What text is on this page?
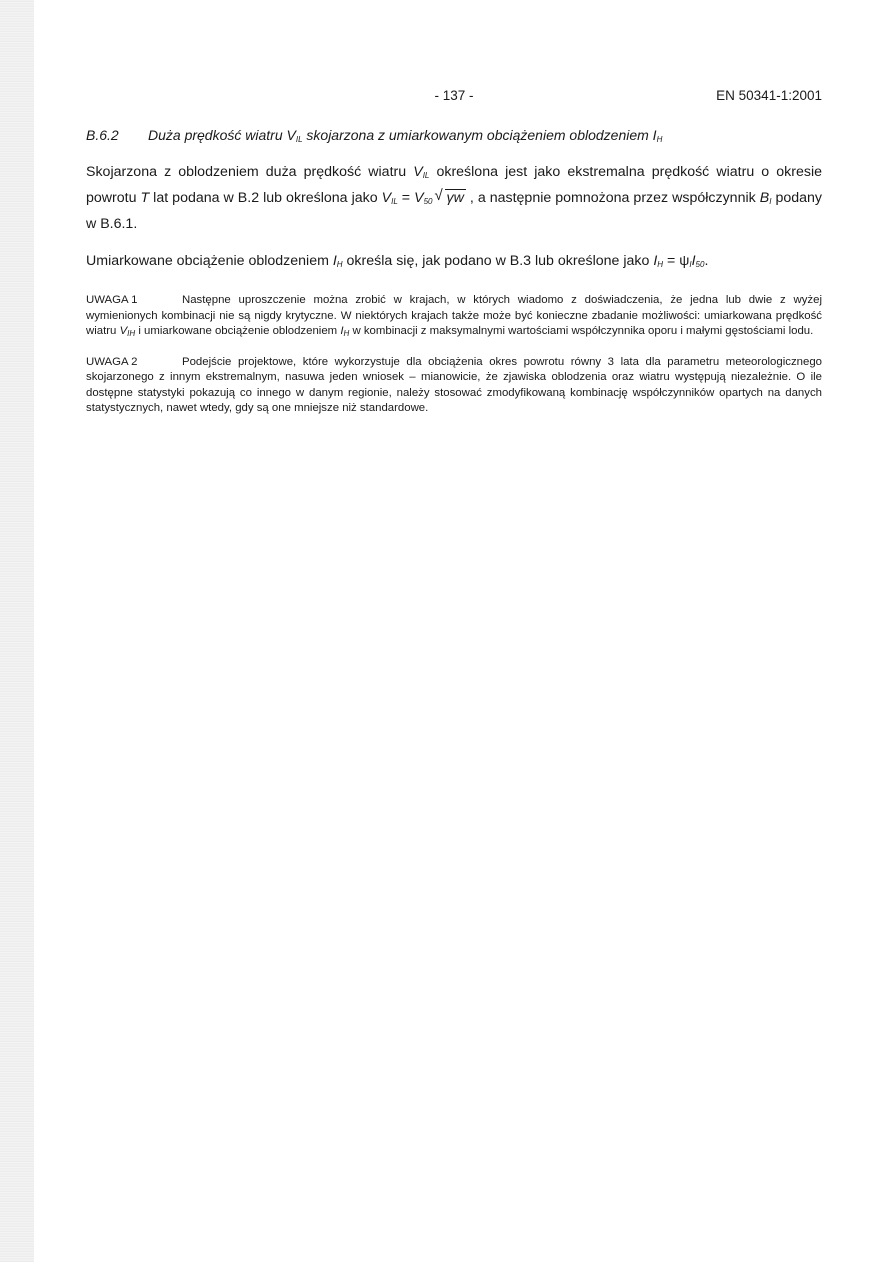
- 137 -	EN 50341-1:2001
B.6.2 Duża prędkość wiatru $V_{IL}$ skojarzona z umiarkowanym obciążeniem oblodzeniem $I_H$

Skojarzona z oblodzeniem duża prędkość wiatru $V_{IL}$ określona jest jako ekstremalna prędkość wiatru o okresie powrotu T lat podana w B.2 lub określona jako $V_{IL} = V_{50}$ √ γw , a następnie pomnożona przez współczynnik $B_I$ podany w B.6.1.

Umiarkowane obciążenie oblodzeniem $I_H$ określa się, jak podano w B.3 lub określone jako $I_H = \psi_II_{50}$.

UWAGA 1	Następne uproszczenie można zrobić w krajach, w których wiadomo z doświadczenia, że jedna lub dwie z wyżej wymienionych kombinacji nie są nigdy krytyczne. W niektórych krajach także może być konieczne zbadanie możliwości: umiarkowana prędkość wiatru $V_{IH}$ i umiarkowane obciążenie oblodzeniem $I_H$ w kombinacji z maksymalnymi wartościami współczynnika oporu i małymi gęstościami lodu.

UWAGA 2	Podejście projektowe, które wykorzystuje dla obciążenia okres powrotu równy 3 lata dla parametru meteorologicznego skojarzonego z innym ekstremalnym, nasuwa jeden wniosek – mianowicie, że zjawiska oblodzenia oraz wiatru występują niezależnie. O ile dostępne statystyki pokazują co innego w danym regionie, należy stosować zmodyfikowaną kombinację współczynników opartych na danych statystycznych, nawet wtedy, gdy są one mniejsze niż standardowe.
